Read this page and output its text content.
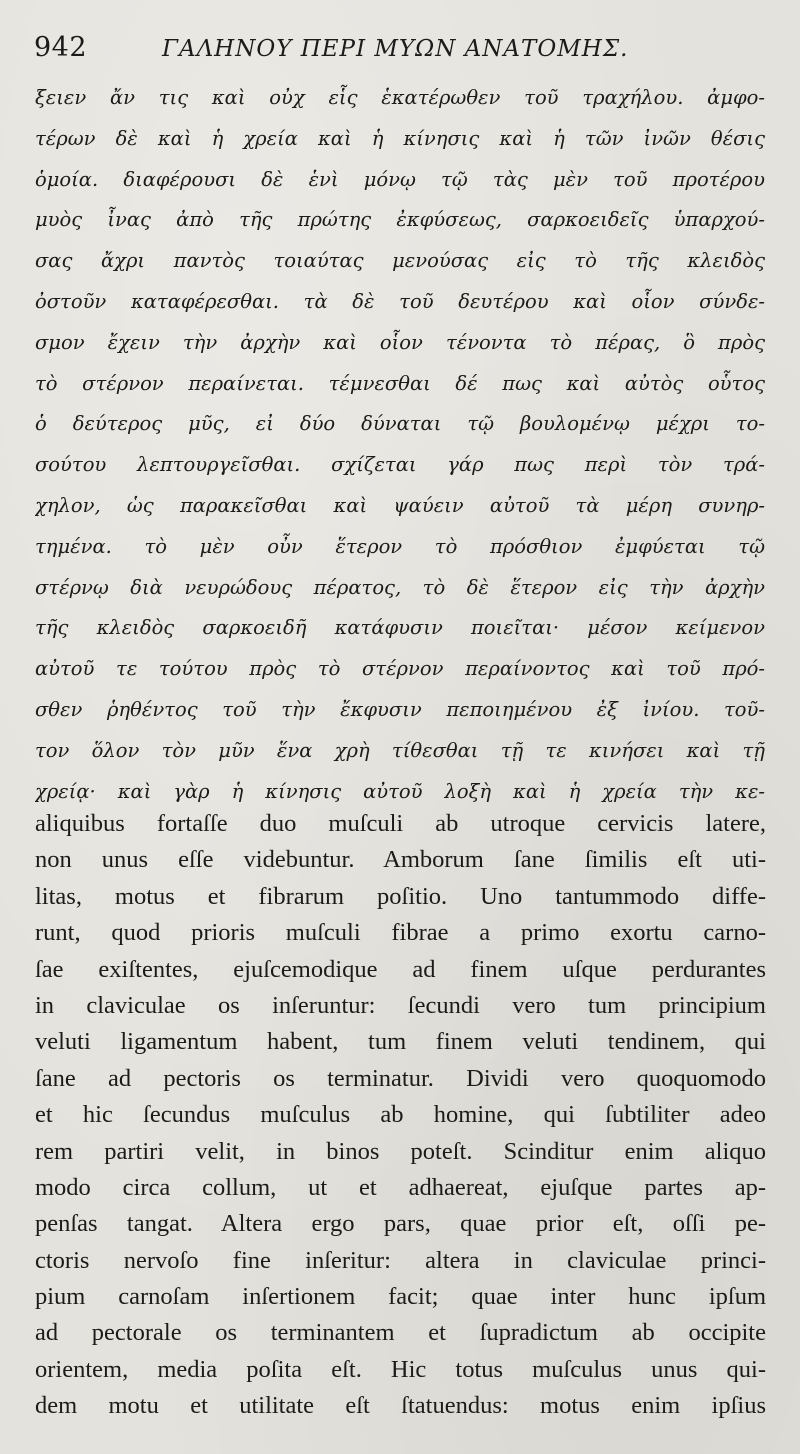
942	ΓΑΛΗΝΟΥ ΠΕΡΙ ΜΥΩΝ ΑΝΑΤΟΜΗΣ.
ξειεν ἄν τις καὶ οὐχ εἷς ἑκατέρωθεν τοῦ τραχήλου. ἀμφο-
τέρων δὲ καὶ ἡ χρεία καὶ ἡ κίνησις καὶ ἡ τῶν ἰνῶν θέσις
ὁμοία. διαφέρουσι δὲ ἑνὶ μόνῳ τῷ τὰς μὲν τοῦ προτέρου
μυὸς ἶνας ἀπὸ τῆς πρώτης ἐκφύσεως, σαρκοειδεῖς ὑπαρχού-
σας ἄχρι παντὸς τοιαύτας μενούσας εἰς τὸ τῆς κλειδὸς
ὀστοῦν καταφέρεσθαι. τὰ δὲ τοῦ δευτέρου καὶ οἷον σύνδε-
σμον ἔχειν τὴν ἀρχὴν καὶ οἷον τένοντα τὸ πέρας, ὃ πρὸς
τὸ στέρνον περαίνεται. τέμνεσθαι δέ πως καὶ αὐτὸς οὗτος
ὁ δεύτερος μῦς, εἰ δύο δύναται τῷ βουλομένῳ μέχρι το-
σούτου λεπτουργεῖσθαι. σχίζεται γάρ πως περὶ τὸν τρά-
χηλον, ὡς παρακεῖσθαι καὶ ψαύειν αὐτοῦ τὰ μέρη συνηρ-
τημένα. τὸ μὲν οὖν ἕτερον τὸ πρόσθιον ἐμφύεται τῷ
στέρνῳ διὰ νευρώδους πέρατος, τὸ δὲ ἕτερον εἰς τὴν ἀρχὴν
τῆς κλειδὸς σαρκοειδῆ κατάφυσιν ποιεῖται· μέσον κείμενον
αὐτοῦ τε τούτου πρὸς τὸ στέρνον περαίνοντος καὶ τοῦ πρό-
σθεν ῥηθέντος τοῦ τὴν ἔκφυσιν πεποιημένου ἐξ ἰνίου. τοῦ-
τον ὅλον τὸν μῦν ἕνα χρὴ τίθεσθαι τῇ τε κινήσει καὶ τῇ
χρείᾳ· καὶ γὰρ ἡ κίνησις αὐτοῦ λοξὴ καὶ ἡ χρεία τὴν κε-
aliquibus fortaſſe duo muſculi ab utroque cervicis latere,
non unus eſſe videbuntur. Amborum ſane ſimilis eſt uti-
litas, motus et fibrarum poſitio. Uno tantummodo diffe-
runt, quod prioris muſculi fibrae a primo exortu carno-
ſae exiſtentes, ejuſcemodique ad finem uſque perdurantes
in claviculae os inſeruntur: ſecundi vero tum principium
veluti ligamentum habent, tum finem veluti tendinem, qui
ſane ad pectoris os terminatur. Dividi vero quoquomodo
et hic ſecundus muſculus ab homine, qui ſubtiliter adeo
rem partiri velit, in binos poteſt. Scinditur enim aliquo
modo circa collum, ut et adhaereat, ejuſque partes ap-
penſas tangat. Altera ergo pars, quae prior eſt, oſſi pe-
ctoris nervoſo fine inſeritur: altera in claviculae princi-
pium carnoſam inſertionem facit; quae inter hunc ipſum
ad pectorale os terminantem et ſupradictum ab occipite
orientem, media poſita eſt. Hic totus muſculus unus qui-
dem motu et utilitate eſt ſtatuendus: motus enim ipſius
